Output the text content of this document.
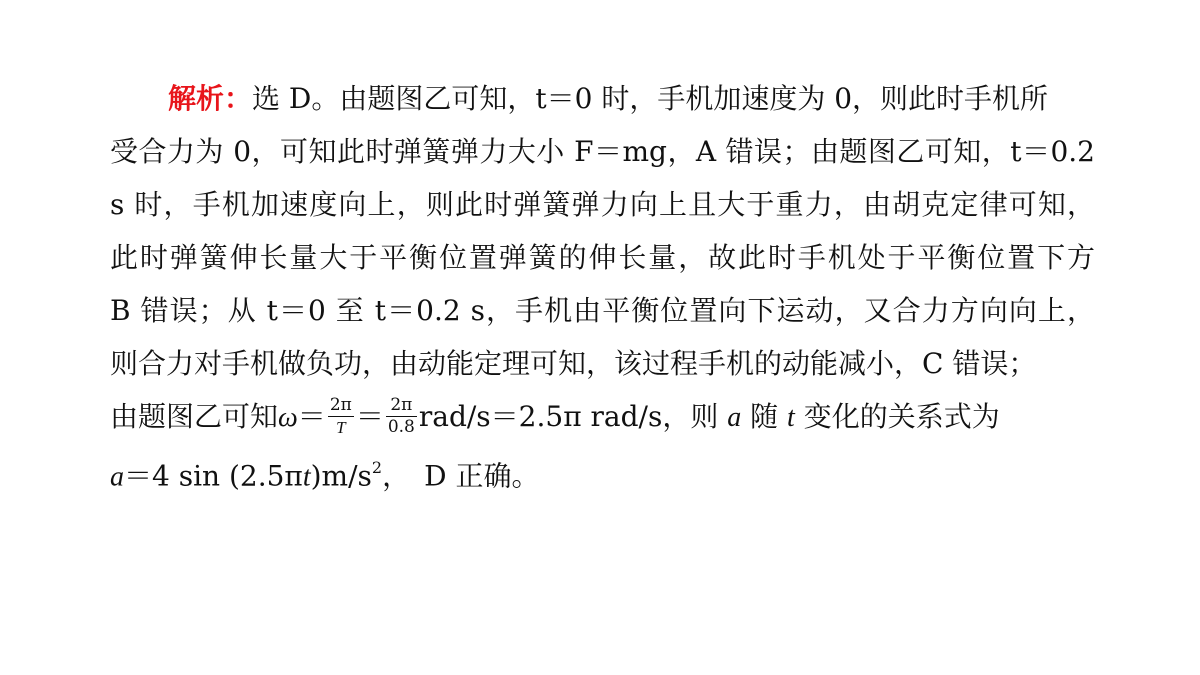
解析：选 D。由题图乙可知，t＝0 时，手机加速度为 0，则此时手机所
受合力为 0，可知此时弹簧弹力大小 F＝mg，A 错误；由题图乙可知，t＝0.2
s 时，手机加速度向上，则此时弹簧弹力向上且大于重力，由胡克定律可知，
此时弹簧伸长量大于平衡位置弹簧的伸长量，故此时手机处于平衡位置下方
B 错误；从 t＝0 至 t＝0.2 s，手机由平衡位置向下运动，又合力方向向上，
则合力对手机做负功，由动能定理可知，该过程手机的动能减小，C 错误；
由题图乙可知$\omega= \frac{2\pi}{T} = \frac{2\pi}{0.8} rad/s=2.5\pi$ rad/s，则 a 随 t 变化的关系式为
a＝4 $\sin (2.5\pi t)m/s^2$，　D 正确。
